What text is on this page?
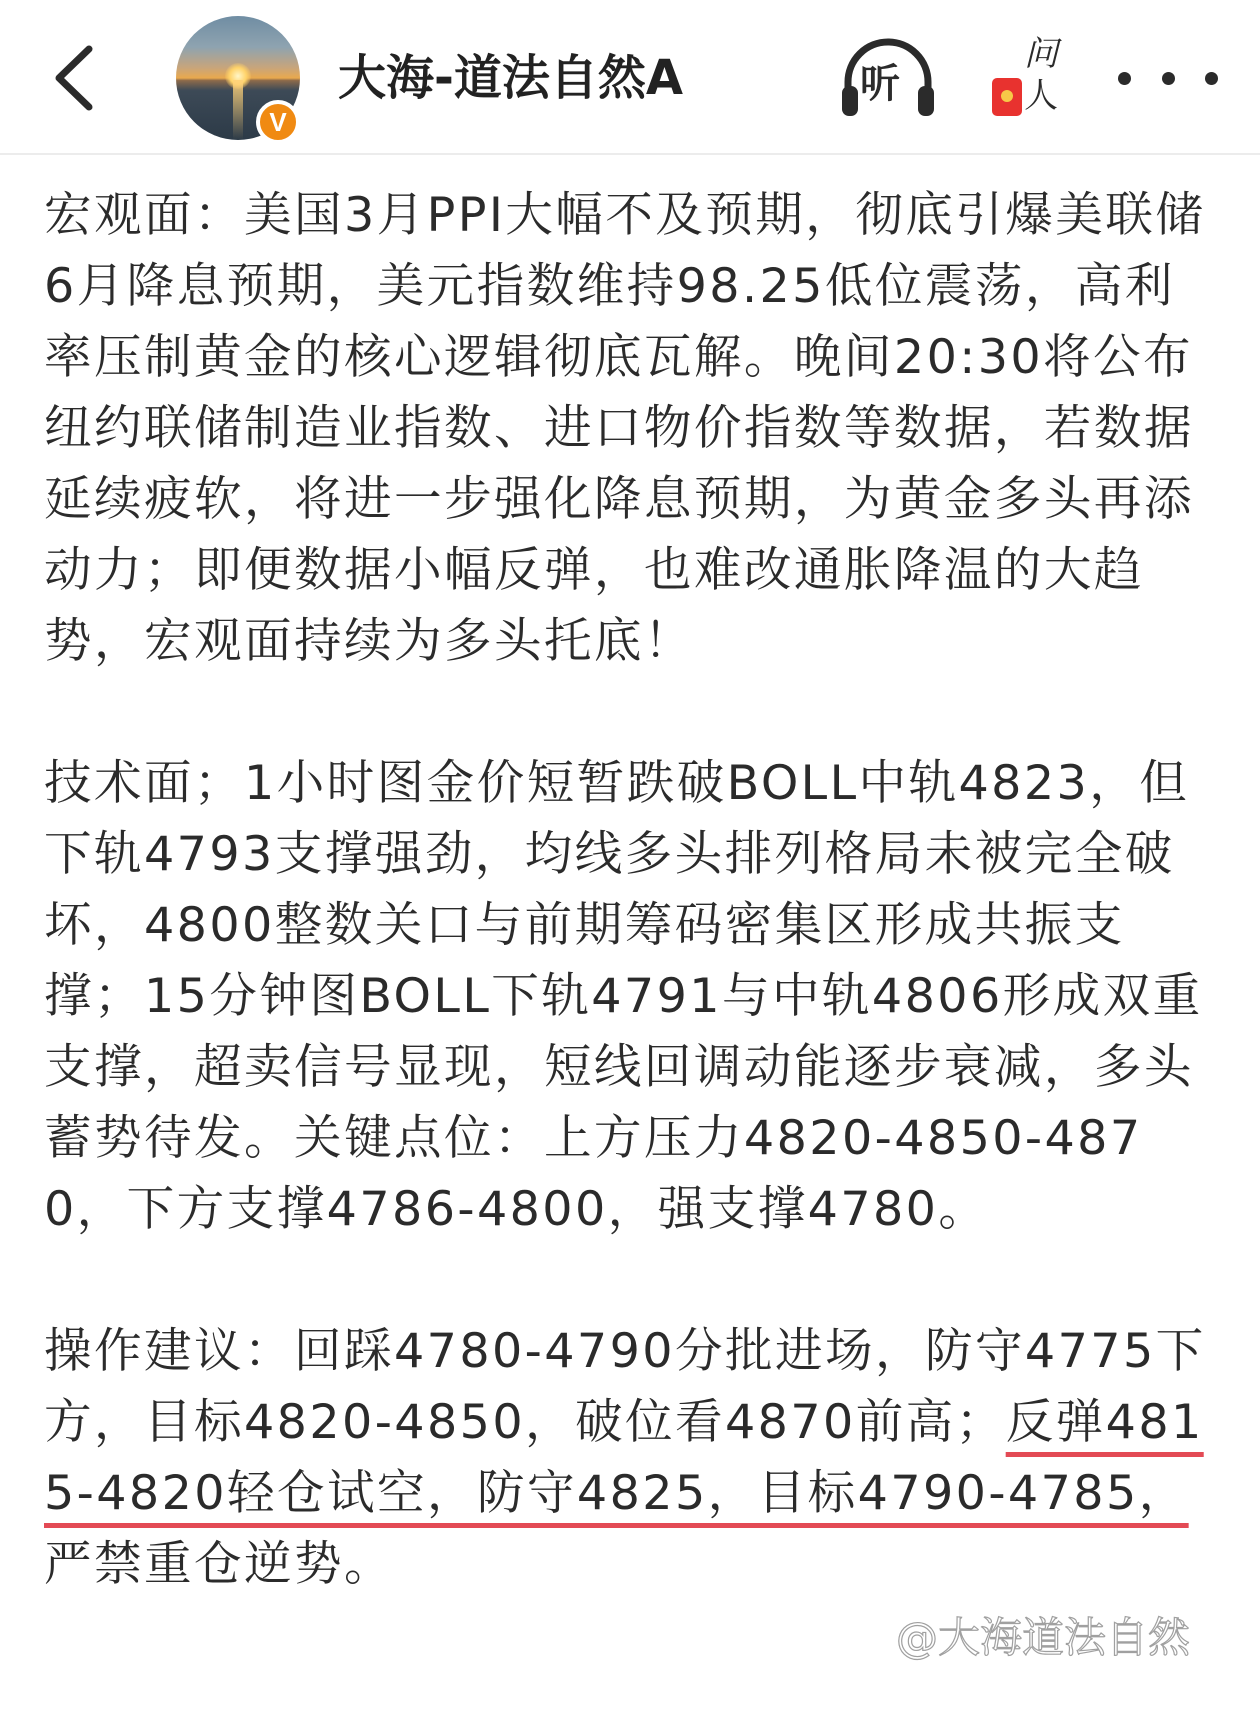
V
大海-道法自然A	听
问
人

宏观面：美国3月PPI大幅不及预期，彻底引爆美联储6月降息预期，美元指数维持98.25低位震荡，高利率压制黄金的核心逻辑彻底瓦解。晚间20:30将公布纽约联储制造业指数、进口物价指数等数据，若数据延续疲软，将进一步强化降息预期，为黄金多头再添动力；即便数据小幅反弹，也难改通胀降温的大趋势，宏观面持续为多头托底！

技术面；1小时图金价短暂跌破BOLL中轨4823，但下轨4793支撑强劲，均线多头排列格局未被完全破坏，4800整数关口与前期筹码密集区形成共振支撑；15分钟图BOLL下轨4791与中轨4806形成双重支撑，超卖信号显现，短线回调动能逐步衰减，多头蓄势待发。关键点位：上方压力4820-4850-4870，下方支撑4786-4800，强支撑4780。

操作建议：回踩4780-4790分批进场，防守4775下方，目标4820-4850，破位看4870前高；反弹4815-4820轻仓试空，防守4825，目标4790-4785，严禁重仓逆势。

@大海道法自然
